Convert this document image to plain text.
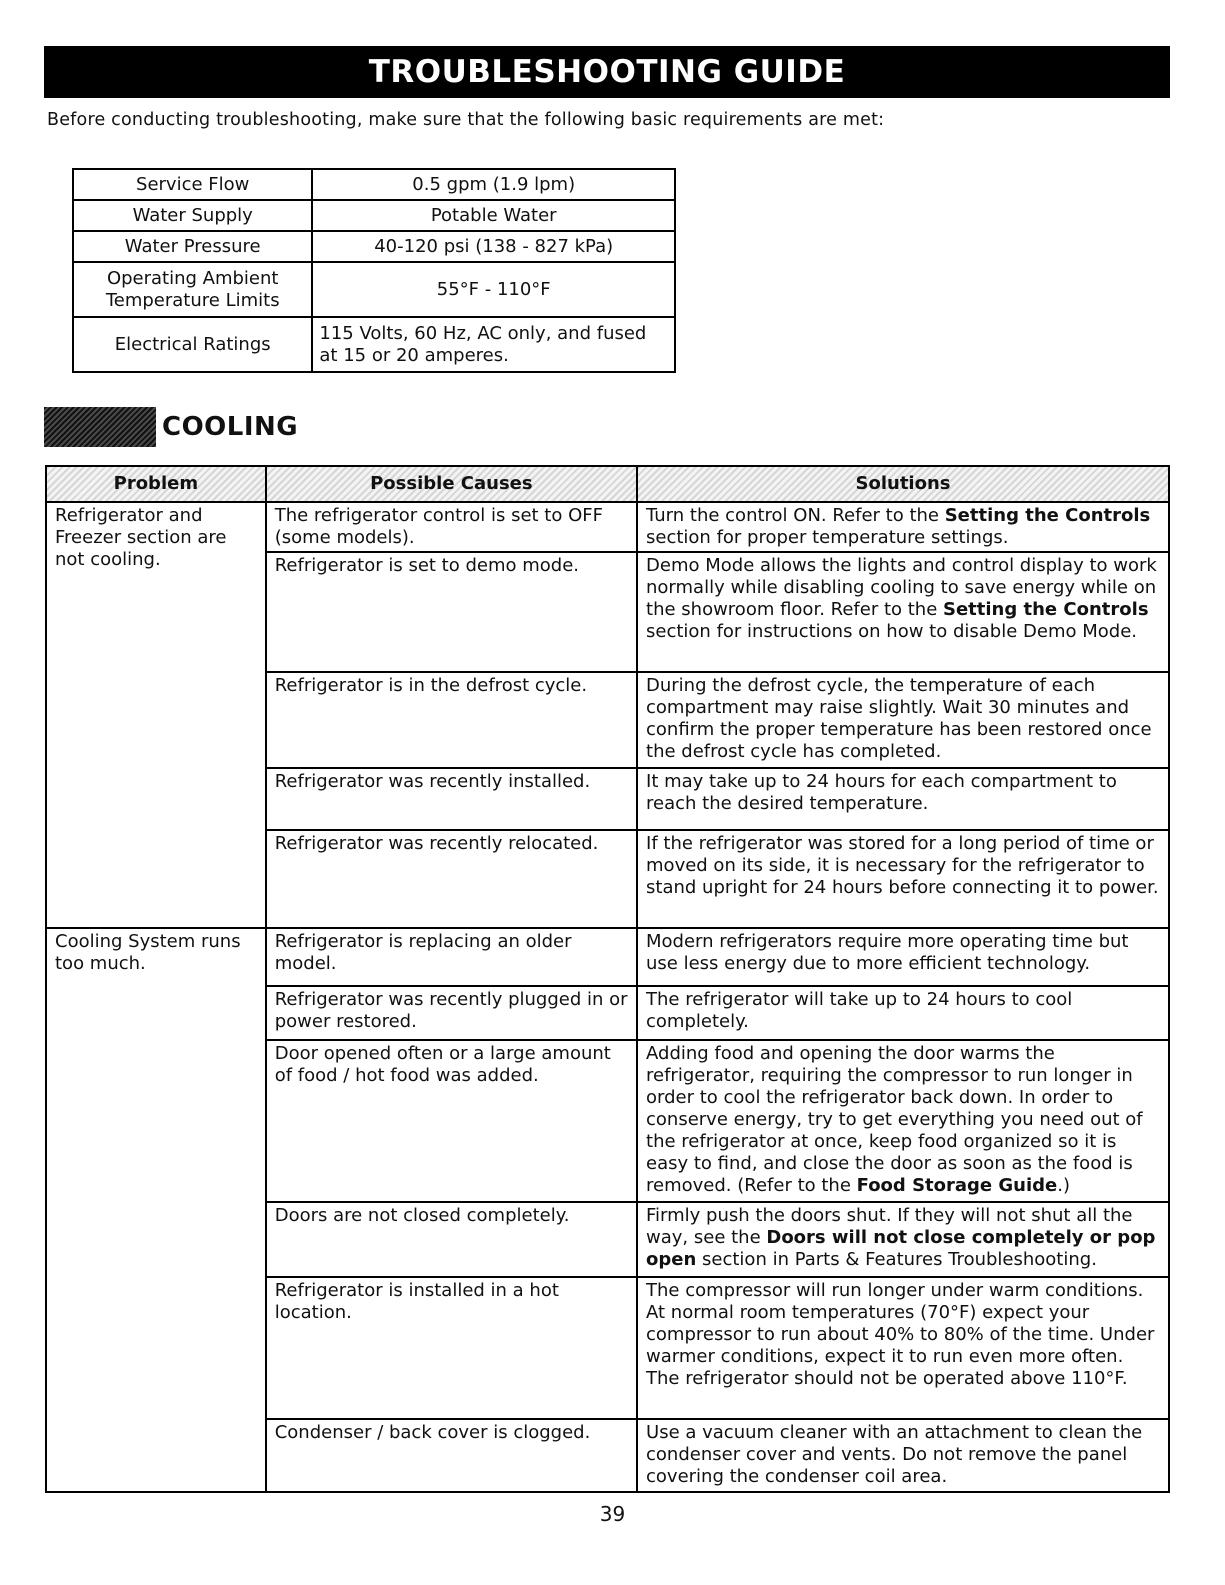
TROUBLESHOOTING GUIDE
Before conducting troubleshooting, make sure that the following basic requirements are met:
Service Flow	0.5 gpm (1.9 lpm)
Water Supply	Potable Water
Water Pressure	40-120 psi (138 - 827 kPa)
Operating Ambient Temperature Limits	55°F - 110°F
Electrical Ratings	115 Volts, 60 Hz, AC only, and fused at 15 or 20 amperes.
COOLING
Problem	Possible Causes	Solutions
Refrigerator and Freezer section are not cooling.	The refrigerator control is set to OFF (some models).	Turn the control ON. Refer to the Setting the Controls section for proper temperature settings.
	Refrigerator is set to demo mode.	Demo Mode allows the lights and control display to work normally while disabling cooling to save energy while on the showroom floor. Refer to the Setting the Controls section for instructions on how to disable Demo Mode.
	Refrigerator is in the defrost cycle.	During the defrost cycle, the temperature of each compartment may raise slightly. Wait 30 minutes and confirm the proper temperature has been restored once the defrost cycle has completed.
	Refrigerator was recently installed.	It may take up to 24 hours for each compartment to reach the desired temperature.
	Refrigerator was recently relocated.	If the refrigerator was stored for a long period of time or moved on its side, it is necessary for the refrigerator to stand upright for 24 hours before connecting it to power.
Cooling System runs too much.	Refrigerator is replacing an older model.	Modern refrigerators require more operating time but use less energy due to more efficient technology.
	Refrigerator was recently plugged in or power restored.	The refrigerator will take up to 24 hours to cool completely.
	Door opened often or a large amount of food / hot food was added.	Adding food and opening the door warms the refrigerator, requiring the compressor to run longer in order to cool the refrigerator back down. In order to conserve energy, try to get everything you need out of the refrigerator at once, keep food organized so it is easy to find, and close the door as soon as the food is removed. (Refer to the Food Storage Guide.)
	Doors are not closed completely.	Firmly push the doors shut. If they will not shut all the way, see the Doors will not close completely or pop open section in Parts & Features Troubleshooting.
	Refrigerator is installed in a hot location.	The compressor will run longer under warm conditions. At normal room temperatures (70°F) expect your compressor to run about 40% to 80% of the time. Under warmer conditions, expect it to run even more often. The refrigerator should not be operated above 110°F.
	Condenser / back cover is clogged.	Use a vacuum cleaner with an attachment to clean the condenser cover and vents. Do not remove the panel covering the condenser coil area.
39
